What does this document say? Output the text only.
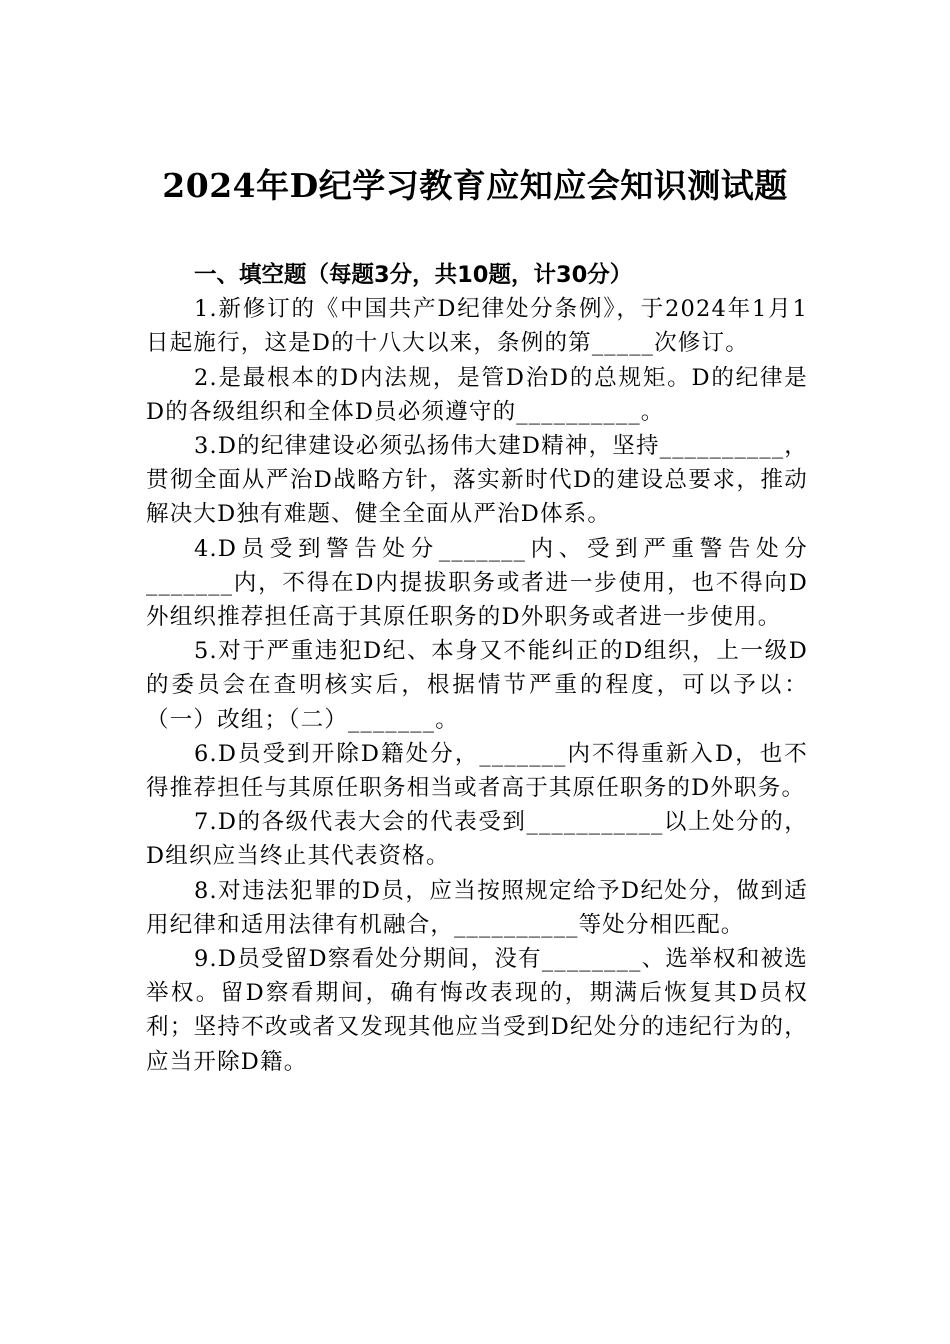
2024年D纪学习教育应知应会知识测试题

一、填空题（每题3分，共10题，计30分）

1.新修订的《中国共产D纪律处分条例》，于2024年1月1日起施行，这是D的十八大以来，条例的第_____次修订。

2.是最根本的D内法规，是管D治D的总规矩。D的纪律是D的各级组织和全体D员必须遵守的__________。

3.D的纪律建设必须弘扬伟大建D精神，坚持__________，贯彻全面从严治D战略方针，落实新时代D的建设总要求，推动解决大D独有难题、健全全面从严治D体系。

4.D员受到警告处分_______内、受到严重警告处分_______内，不得在D内提拔职务或者进一步使用，也不得向D外组织推荐担任高于其原任职务的D外职务或者进一步使用。

5.对于严重违犯D纪、本身又不能纠正的D组织，上一级D的委员会在查明核实后，根据情节严重的程度，可以予以：（一）改组；（二）_______。

6.D员受到开除D籍处分，_______内不得重新入D，也不得推荐担任与其原任职务相当或者高于其原任职务的D外职务。

7.D的各级代表大会的代表受到___________以上处分的，D组织应当终止其代表资格。

8.对违法犯罪的D员，应当按照规定给予D纪处分，做到适用纪律和适用法律有机融合，__________等处分相匹配。

9.D员受留D察看处分期间，没有________、选举权和被选举权。留D察看期间，确有悔改表现的，期满后恢复其D员权利；坚持不改或者又发现其他应当受到D纪处分的违纪行为的，应当开除D籍。
